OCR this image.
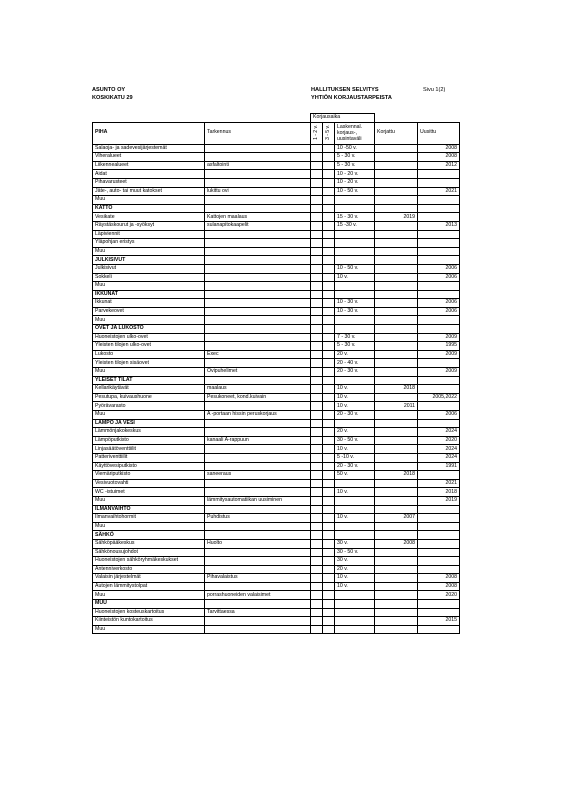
ASUNTO OY
KOSKIKATU 29
HALLITUKSEN SELVITYS
YHTIÖN KORJAUSTARPEISTA
Sivu 1(2)
		Korjausaika				
PIHA	Tarkennus	1 - 2 v.	3 - 5 v.	Laskennal.
korjaus-,
uusintaväli	Korjattu	Uusittu
Salaoja- ja sadevesijärjestemät				10 -50 v.		2008
Viheralueet				5 - 30 v.		2008
Liikennealueet	asfaltointi			5 - 30 v.		2012
Aidat				10 - 20 v.		
Pihavarusteet				10 - 20 v.		
Jäte-, auto- tai muut katokset	lukittu ovi			10 - 50 v.		2021
Muu						
KATTO						
Vesikate	Kattojen maalaus			15 - 30 v.	2019	
Räystäskourut ja -syöksyt	sulanapitokaapelit			15 -30 v.		2013
Läpiviennit						
Yläpohjan eristys						
Muu						
JULKISIVUT						
Julkisivut				10 - 50 v.		2006
Sokkeli				10 v.		2006
Muu						
IKKUNAT						
Ikkunat				10 - 30 v.		2006
Parvekeovet				10 - 30 v.		2006
Muu						
OVET JA LUKOSTO						
Huoneistojen ulko-ovet				7 - 30 v.		2009
Yleisten tilojen ulko-ovet				5 - 30 v.		1995
Lukosto	Exec			20 v.		2009
Yleisten tilojen sisäovet				20 - 40 v.		
Muu	Ovipuhelimet			20 - 30 v.		2009
YLEISET TILAT						
Kellarikäytävät	maalaus			10 v.	2018	
Pesutupa, kuivaushuone	Pesukoneet, kond.kuivain			10 v.		2005,2022
Pyörävarasto				10 v.	2011	
Muu	A -portaan hissin peruskorjaus			20 - 30 v.		2006
LÄMPÖ JA VESI						
Lämmönjakokeskus				20 v.		2024
Lämpöputkisto	kanaali A-rappuun			30 - 50 v.		2020
Linjasäätöventtiilit				10 v.		2024
Patteriventtiilit				5 -10 v.		2024
Käyttövesiputkisto				20 - 30 v.		1991
Viemäriputkisto	saneeraus			50 v.	2018	
Vesivuotovahti						2021
WC -istuimet				10 v.		2018
Muu	lämmitysautomatiikan uusiminen					2019
ILMANVAIHTO						
Ilmanvaihtohormit	Puhdistus			10 v.	2007	
Muu						
SÄHKÖ						
Sähköpääkeskus	Huolto			30 v.	2008	
Sähkönousujohdot				30 - 50 v.		
Huoneistojen sähköryhmäkeskukset				30 v.		
Antenniverkosto				20 v.		
Valaisin järjestelmät	Pihavalaistus			10 v.		2008
Autojen lämmitystolpat				10 v.		2008
Muu	porrashuoneiden valaisimet					2020
MUU						
Huoneistojen kosteuskartoitus	Tarvittaessa					
Kiinteistön kuntokartoitus						2015
Muu						
